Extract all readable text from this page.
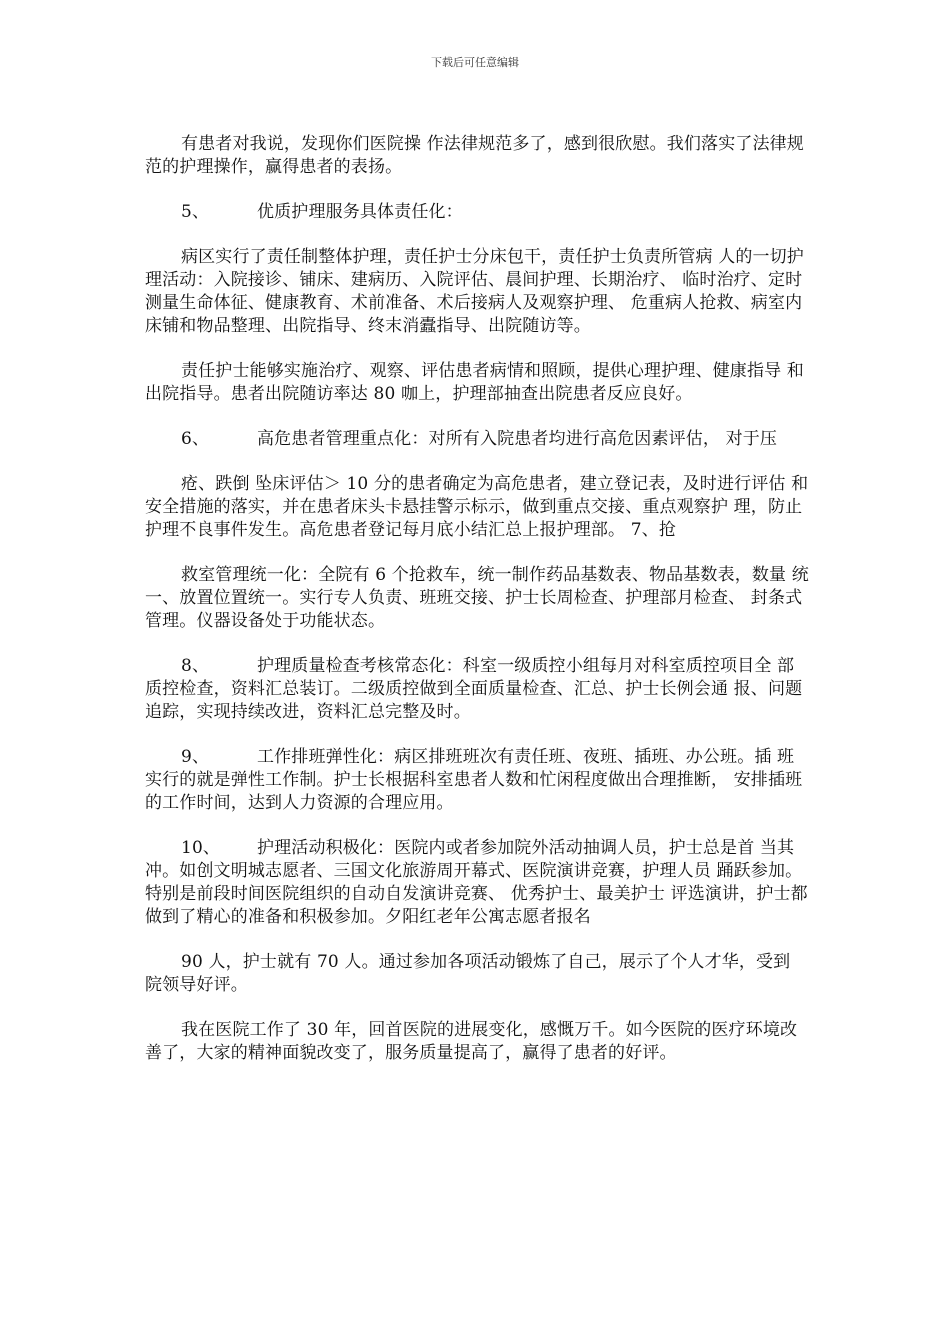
下载后可任意编辑

有患者对我说，发现你们医院操 作法律规范多了，感到很欣慰。我们落实了法律规范的护理操作，赢得患者的表扬。

5、	优质护理服务具体责任化：

病区实行了责任制整体护理，责任护士分床包干，责任护士负责所管病 人的一切护理活动：入院接诊、铺床、建病历、入院评估、晨间护理、长期治疗、 临时治疗、定时测量生命体征、健康教育、术前准备、术后接病人及观察护理、 危重病人抢救、病室内床铺和物品整理、出院指导、终末消蠹指导、出院随访等。

责任护士能够实施治疗、观察、评估患者病情和照顾，提供心理护理、健康指导 和出院指导。患者出院随访率达 80 咖上，护理部抽查出院患者反应良好。

6、	高危患者管理重点化：对所有入院患者均进行高危因素评估， 对于压

疮、跌倒 坠床评估＞ 10 分的患者确定为高危患者，建立登记表，及时进行评估 和安全措施的落实，并在患者床头卡悬挂警示标示，做到重点交接、重点观察护 理，防止护理不良事件发生。高危患者登记每月底小结汇总上报护理部。 7、抢

救室管理统一化：全院有 6 个抢救车，统一制作药品基数表、物品基数表，数量 统一、放置位置统一。实行专人负责、班班交接、护士长周检查、护理部月检查、 封条式管理。仪器设备处于功能状态。

8、	护理质量检查考核常态化：科室一级质控小组每月对科室质控项目全 部质控检查，资料汇总装订。二级质控做到全面质量检查、汇总、护士长例会通 报、问题追踪，实现持续改进，资料汇总完整及时。

9、	工作排班弹性化：病区排班班次有责任班、夜班、插班、办公班。插 班实行的就是弹性工作制。护士长根据科室患者人数和忙闲程度做出合理推断， 安排插班的工作时间，达到人力资源的合理应用。

10、 护理活动积极化：医院内或者参加院外活动抽调人员，护士总是首 当其冲。如创文明城志愿者、三国文化旅游周开幕式、医院演讲竞赛，护理人员 踊跃参加。特别是前段时间医院组织的自动自发演讲竞赛、 优秀护士、最美护士 评选演讲，护士都做到了精心的准备和积极参加。夕阳红老年公寓志愿者报名

90 人，护士就有 70 人。通过参加各项活动锻炼了自己，展示了个人才华，受到 院领导好评。

我在医院工作了 30 年，回首医院的进展变化，感慨万千。如今医院的医疗环境改善了，大家的精神面貌改变了，服务质量提高了，赢得了患者的好评。
